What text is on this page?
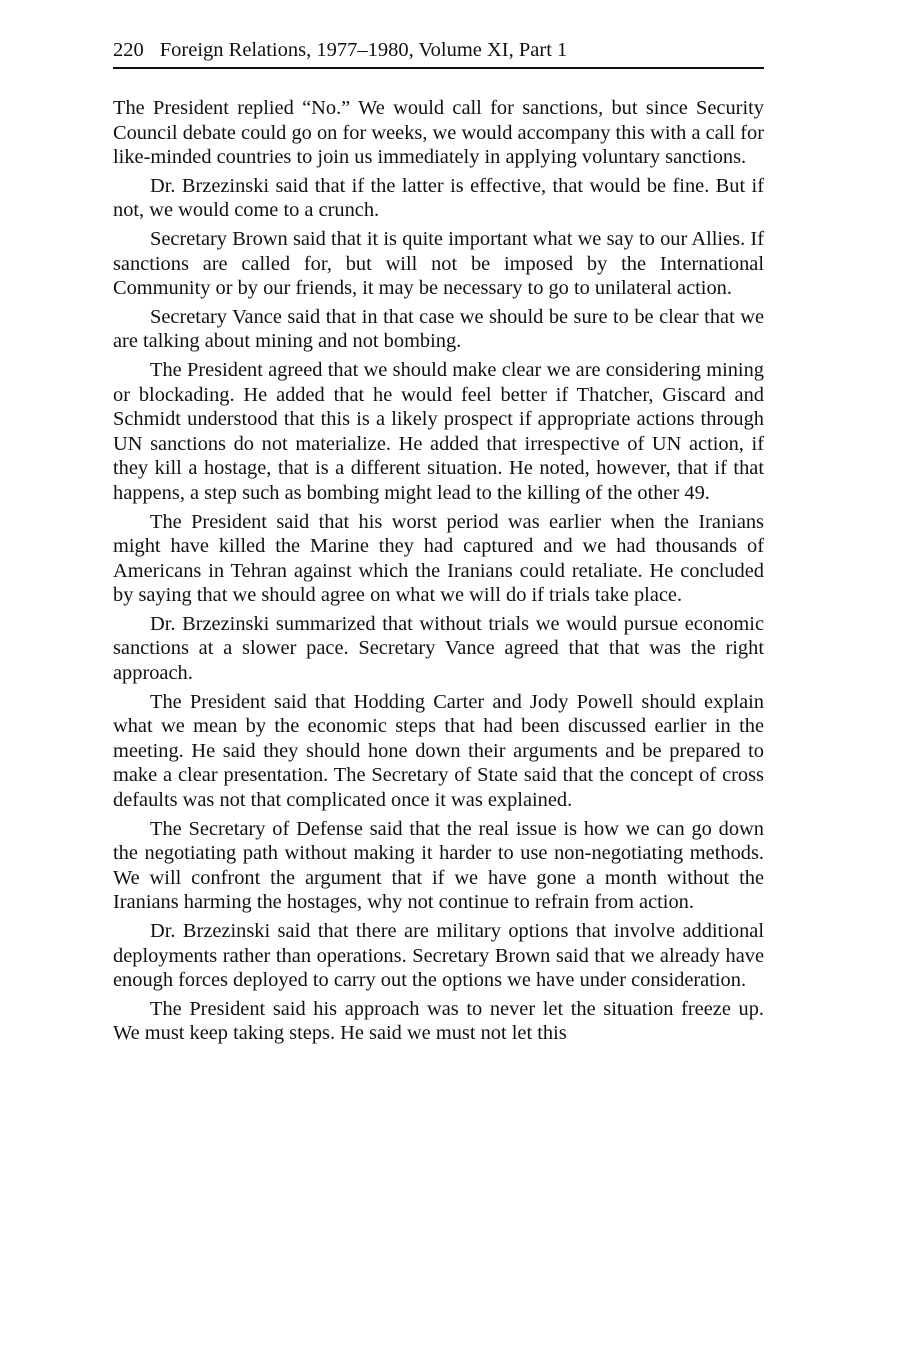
220 Foreign Relations, 1977–1980, Volume XI, Part 1

The President replied “No.” We would call for sanctions, but since Security Council debate could go on for weeks, we would accompany this with a call for like-minded countries to join us immediately in applying voluntary sanctions.

Dr. Brzezinski said that if the latter is effective, that would be fine. But if not, we would come to a crunch.

Secretary Brown said that it is quite important what we say to our Allies. If sanctions are called for, but will not be imposed by the International Community or by our friends, it may be necessary to go to unilateral action.

Secretary Vance said that in that case we should be sure to be clear that we are talking about mining and not bombing.

The President agreed that we should make clear we are considering mining or blockading. He added that he would feel better if Thatcher, Giscard and Schmidt understood that this is a likely prospect if appropriate actions through UN sanctions do not materialize. He added that irrespective of UN action, if they kill a hostage, that is a different situation. He noted, however, that if that happens, a step such as bombing might lead to the killing of the other 49.

The President said that his worst period was earlier when the Iranians might have killed the Marine they had captured and we had thousands of Americans in Tehran against which the Iranians could retaliate. He concluded by saying that we should agree on what we will do if trials take place.

Dr. Brzezinski summarized that without trials we would pursue economic sanctions at a slower pace. Secretary Vance agreed that that was the right approach.

The President said that Hodding Carter and Jody Powell should explain what we mean by the economic steps that had been discussed earlier in the meeting. He said they should hone down their arguments and be prepared to make a clear presentation. The Secretary of State said that the concept of cross defaults was not that complicated once it was explained.

The Secretary of Defense said that the real issue is how we can go down the negotiating path without making it harder to use non-negotiating methods. We will confront the argument that if we have gone a month without the Iranians harming the hostages, why not continue to refrain from action.

Dr. Brzezinski said that there are military options that involve additional deployments rather than operations. Secretary Brown said that we already have enough forces deployed to carry out the options we have under consideration.

The President said his approach was to never let the situation freeze up. We must keep taking steps. He said we must not let this
